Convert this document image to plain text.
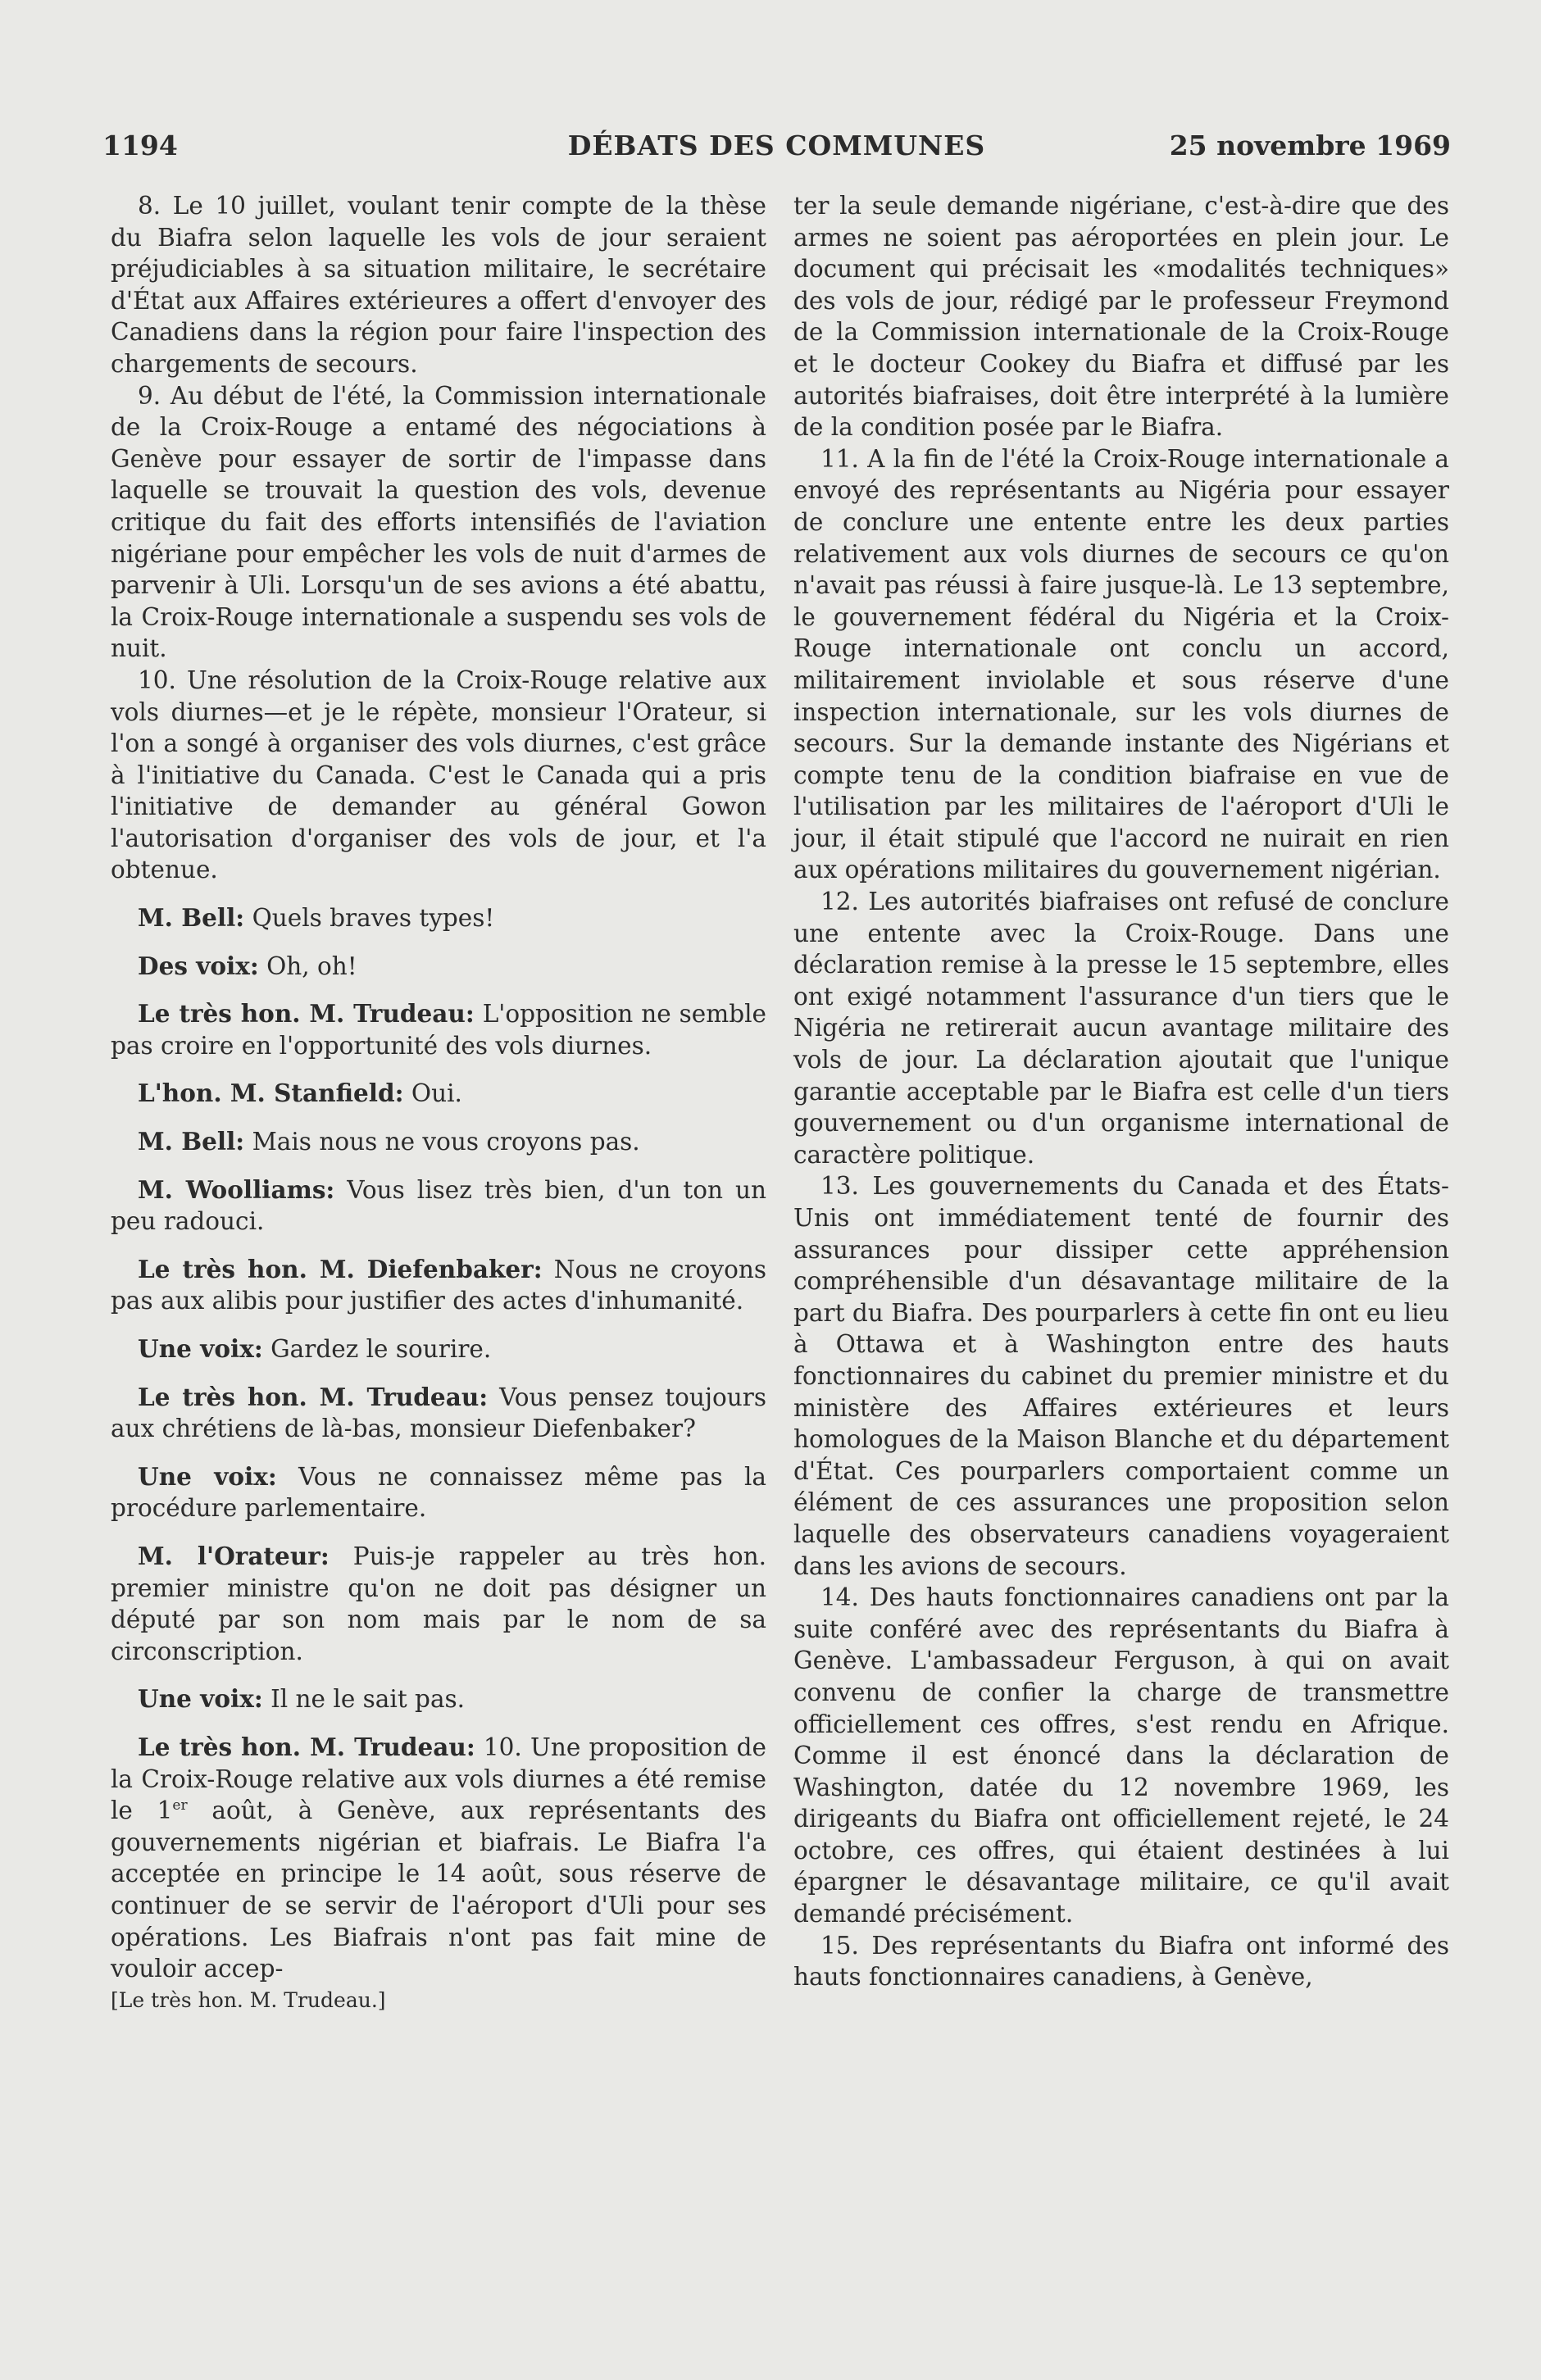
1194	DÉBATS DES COMMUNES	25 novembre 1969

8. Le 10 juillet, voulant tenir compte de la thèse du Biafra selon laquelle les vols de jour seraient préjudiciables à sa situation militaire, le secrétaire d'État aux Affaires extérieures a offert d'envoyer des Canadiens dans la région pour faire l'inspection des chargements de secours.

9. Au début de l'été, la Commission internationale de la Croix-Rouge a entamé des négociations à Genève pour essayer de sortir de l'impasse dans laquelle se trouvait la question des vols, devenue critique du fait des efforts intensifiés de l'aviation nigériane pour empêcher les vols de nuit d'armes de parvenir à Uli. Lorsqu'un de ses avions a été abattu, la Croix-Rouge internationale a suspendu ses vols de nuit.

10. Une résolution de la Croix-Rouge relative aux vols diurnes—et je le répète, monsieur l'Orateur, si l'on a songé à organiser des vols diurnes, c'est grâce à l'initiative du Canada. C'est le Canada qui a pris l'initiative de demander au général Gowon l'autorisation d'organiser des vols de jour, et l'a obtenue.

M. Bell: Quels braves types!

Des voix: Oh, oh!

Le très hon. M. Trudeau: L'opposition ne semble pas croire en l'opportunité des vols diurnes.

L'hon. M. Stanfield: Oui.

M. Bell: Mais nous ne vous croyons pas.

M. Woolliams: Vous lisez très bien, d'un ton un peu radouci.

Le très hon. M. Diefenbaker: Nous ne croyons pas aux alibis pour justifier des actes d'inhumanité.

Une voix: Gardez le sourire.

Le très hon. M. Trudeau: Vous pensez toujours aux chrétiens de là-bas, monsieur Diefenbaker?

Une voix: Vous ne connaissez même pas la procédure parlementaire.

M. l'Orateur: Puis-je rappeler au très hon. premier ministre qu'on ne doit pas désigner un député par son nom mais par le nom de sa circonscription.

Une voix: Il ne le sait pas.

Le très hon. M. Trudeau: 10. Une proposition de la Croix-Rouge relative aux vols diurnes a été remise le 1er août, à Genève, aux représentants des gouvernements nigérian et biafrais. Le Biafra l'a acceptée en principe le 14 août, sous réserve de continuer de se servir de l'aéroport d'Uli pour ses opérations. Les Biafrais n'ont pas fait mine de vouloir accep-

[Le très hon. M. Trudeau.]

ter la seule demande nigériane, c'est-à-dire que des armes ne soient pas aéroportées en plein jour. Le document qui précisait les «modalités techniques» des vols de jour, rédigé par le professeur Freymond de la Commission internationale de la Croix-Rouge et le docteur Cookey du Biafra et diffusé par les autorités biafraises, doit être interprété à la lumière de la condition posée par le Biafra.

11. A la fin de l'été la Croix-Rouge internationale a envoyé des représentants au Nigéria pour essayer de conclure une entente entre les deux parties relativement aux vols diurnes de secours ce qu'on n'avait pas réussi à faire jusque-là. Le 13 septembre, le gouvernement fédéral du Nigéria et la Croix-Rouge internationale ont conclu un accord, militairement inviolable et sous réserve d'une inspection internationale, sur les vols diurnes de secours. Sur la demande instante des Nigérians et compte tenu de la condition biafraise en vue de l'utilisation par les militaires de l'aéroport d'Uli le jour, il était stipulé que l'accord ne nuirait en rien aux opérations militaires du gouvernement nigérian.

12. Les autorités biafraises ont refusé de conclure une entente avec la Croix-Rouge. Dans une déclaration remise à la presse le 15 septembre, elles ont exigé notamment l'assurance d'un tiers que le Nigéria ne retirerait aucun avantage militaire des vols de jour. La déclaration ajoutait que l'unique garantie acceptable par le Biafra est celle d'un tiers gouvernement ou d'un organisme international de caractère politique.

13. Les gouvernements du Canada et des États-Unis ont immédiatement tenté de fournir des assurances pour dissiper cette appréhension compréhensible d'un désavantage militaire de la part du Biafra. Des pourparlers à cette fin ont eu lieu à Ottawa et à Washington entre des hauts fonctionnaires du cabinet du premier ministre et du ministère des Affaires extérieures et leurs homologues de la Maison Blanche et du département d'État. Ces pourparlers comportaient comme un élément de ces assurances une proposition selon laquelle des observateurs canadiens voyageraient dans les avions de secours.

14. Des hauts fonctionnaires canadiens ont par la suite conféré avec des représentants du Biafra à Genève. L'ambassadeur Ferguson, à qui on avait convenu de confier la charge de transmettre officiellement ces offres, s'est rendu en Afrique. Comme il est énoncé dans la déclaration de Washington, datée du 12 novembre 1969, les dirigeants du Biafra ont officiellement rejeté, le 24 octobre, ces offres, qui étaient destinées à lui épargner le désavantage militaire, ce qu'il avait demandé précisément.

15. Des représentants du Biafra ont informé des hauts fonctionnaires canadiens, à Genève,
